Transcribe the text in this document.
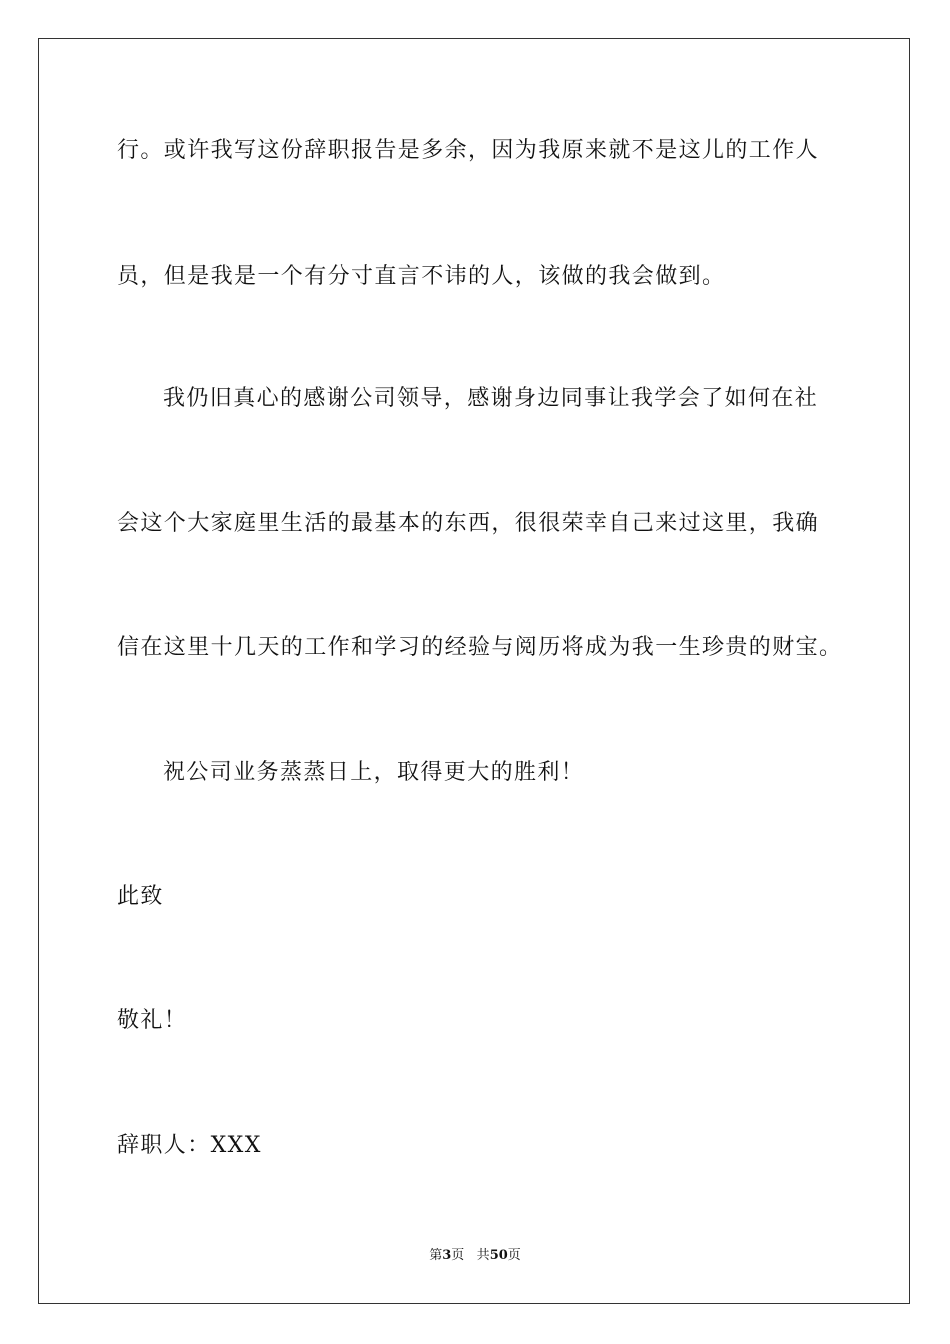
行。或许我写这份辞职报告是多余，因为我原来就不是这儿的工作人
员，但是我是一个有分寸直言不讳的人，该做的我会做到。
我仍旧真心的感谢公司领导，感谢身边同事让我学会了如何在社
会这个大家庭里生活的最基本的东西，很很荣幸自己来过这里，我确
信在这里十几天的工作和学习的经验与阅历将成为我一生珍贵的财宝。
祝公司业务蒸蒸日上，取得更大的胜利！
此致
敬礼！
辞职人：XXX
第3页 共50页
